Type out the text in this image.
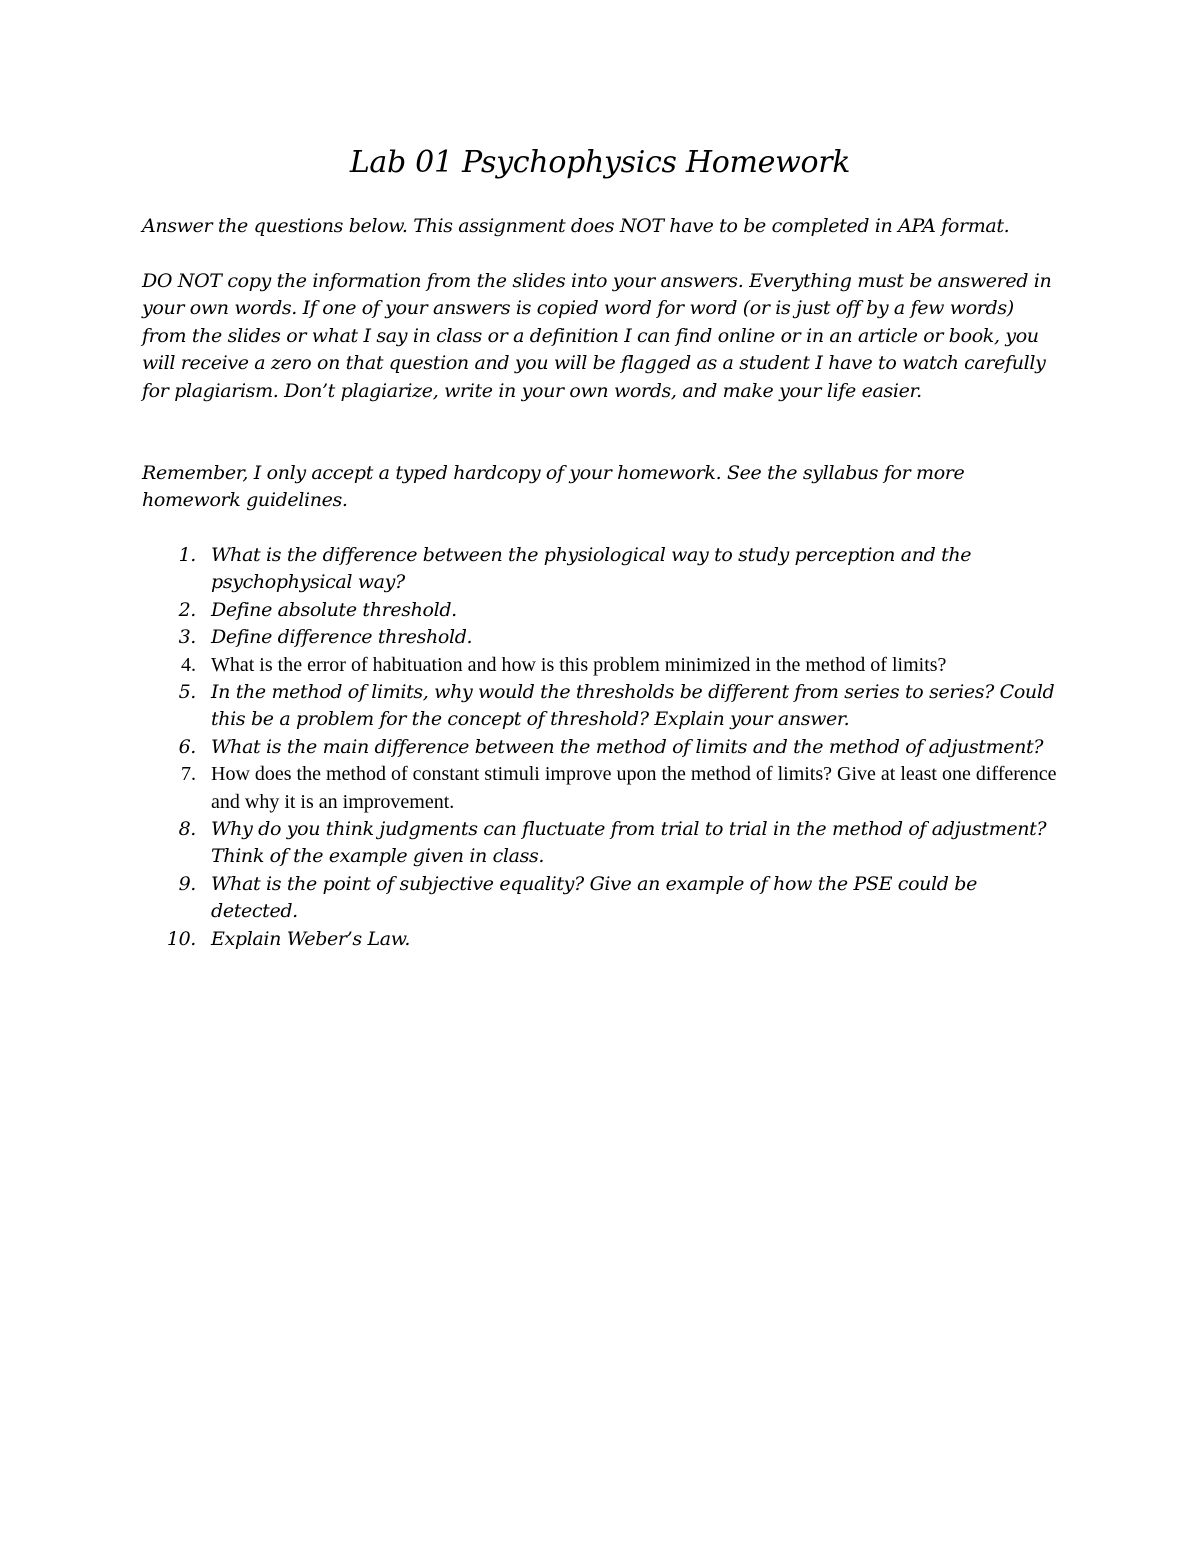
Lab 01 Psychophysics Homework

Answer the questions below. This assignment does NOT have to be completed in APA format.

DO NOT copy the information from the slides into your answers. Everything must be answered in your own words. If one of your answers is copied word for word (or is just off by a few words) from the slides or what I say in class or a definition I can find online or in an article or book, you will receive a zero on that question and you will be flagged as a student I have to watch carefully for plagiarism. Don’t plagiarize, write in your own words, and make your life easier.

Remember, I only accept a typed hardcopy of your homework. See the syllabus for more homework guidelines.

1. What is the difference between the physiological way to study perception and the psychophysical way?
2. Define absolute threshold.
3. Define difference threshold.
4. What is the error of habituation and how is this problem minimized in the method of limits?
5. In the method of limits, why would the thresholds be different from series to series? Could this be a problem for the concept of threshold? Explain your answer.
6. What is the main difference between the method of limits and the method of adjustment?
7. How does the method of constant stimuli improve upon the method of limits? Give at least one difference and why it is an improvement.
8. Why do you think judgments can fluctuate from trial to trial in the method of adjustment? Think of the example given in class.
9. What is the point of subjective equality? Give an example of how the PSE could be detected.
10. Explain Weber’s Law.
